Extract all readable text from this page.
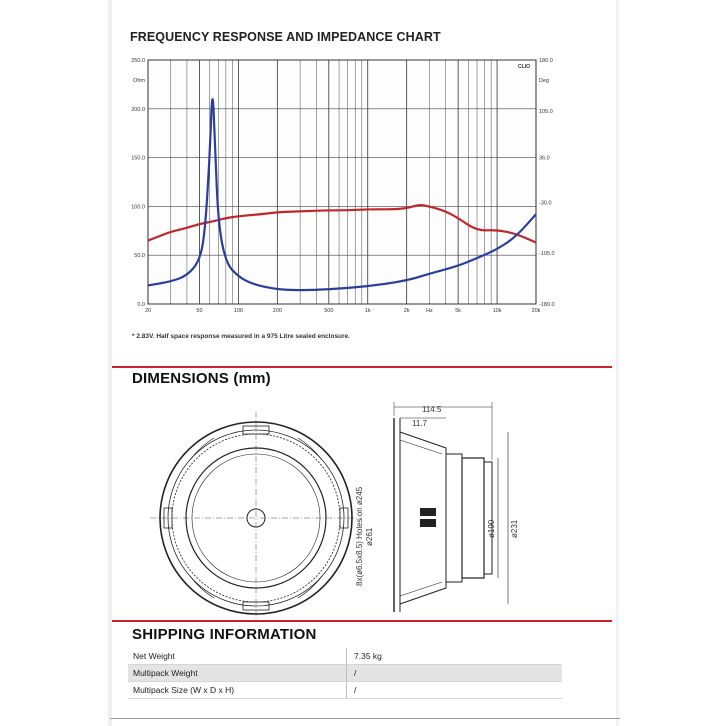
FREQUENCY RESPONSE AND IMPEDANCE CHART
20	50	100	200	500	1k	2k	Hz	5k	10k	20k
0.0
50.0
100.0
150.0
200.0
250.0
Ohm
-180.0
-105.0
-30.0
36.0
105.0
180.0
Deg
CLIO
* 2.83V. Half space response measured in a 975 Litre sealed enclosure.
DIMENSIONS (mm)
8x(ø6.5x8.5) Holes on ø245 ø261
114.5
11.7
ø190 ø231
SHIPPING INFORMATION
Net Weight	7.35 kg
Multipack Weight	/
Multipack Size (W x D x H)	/
